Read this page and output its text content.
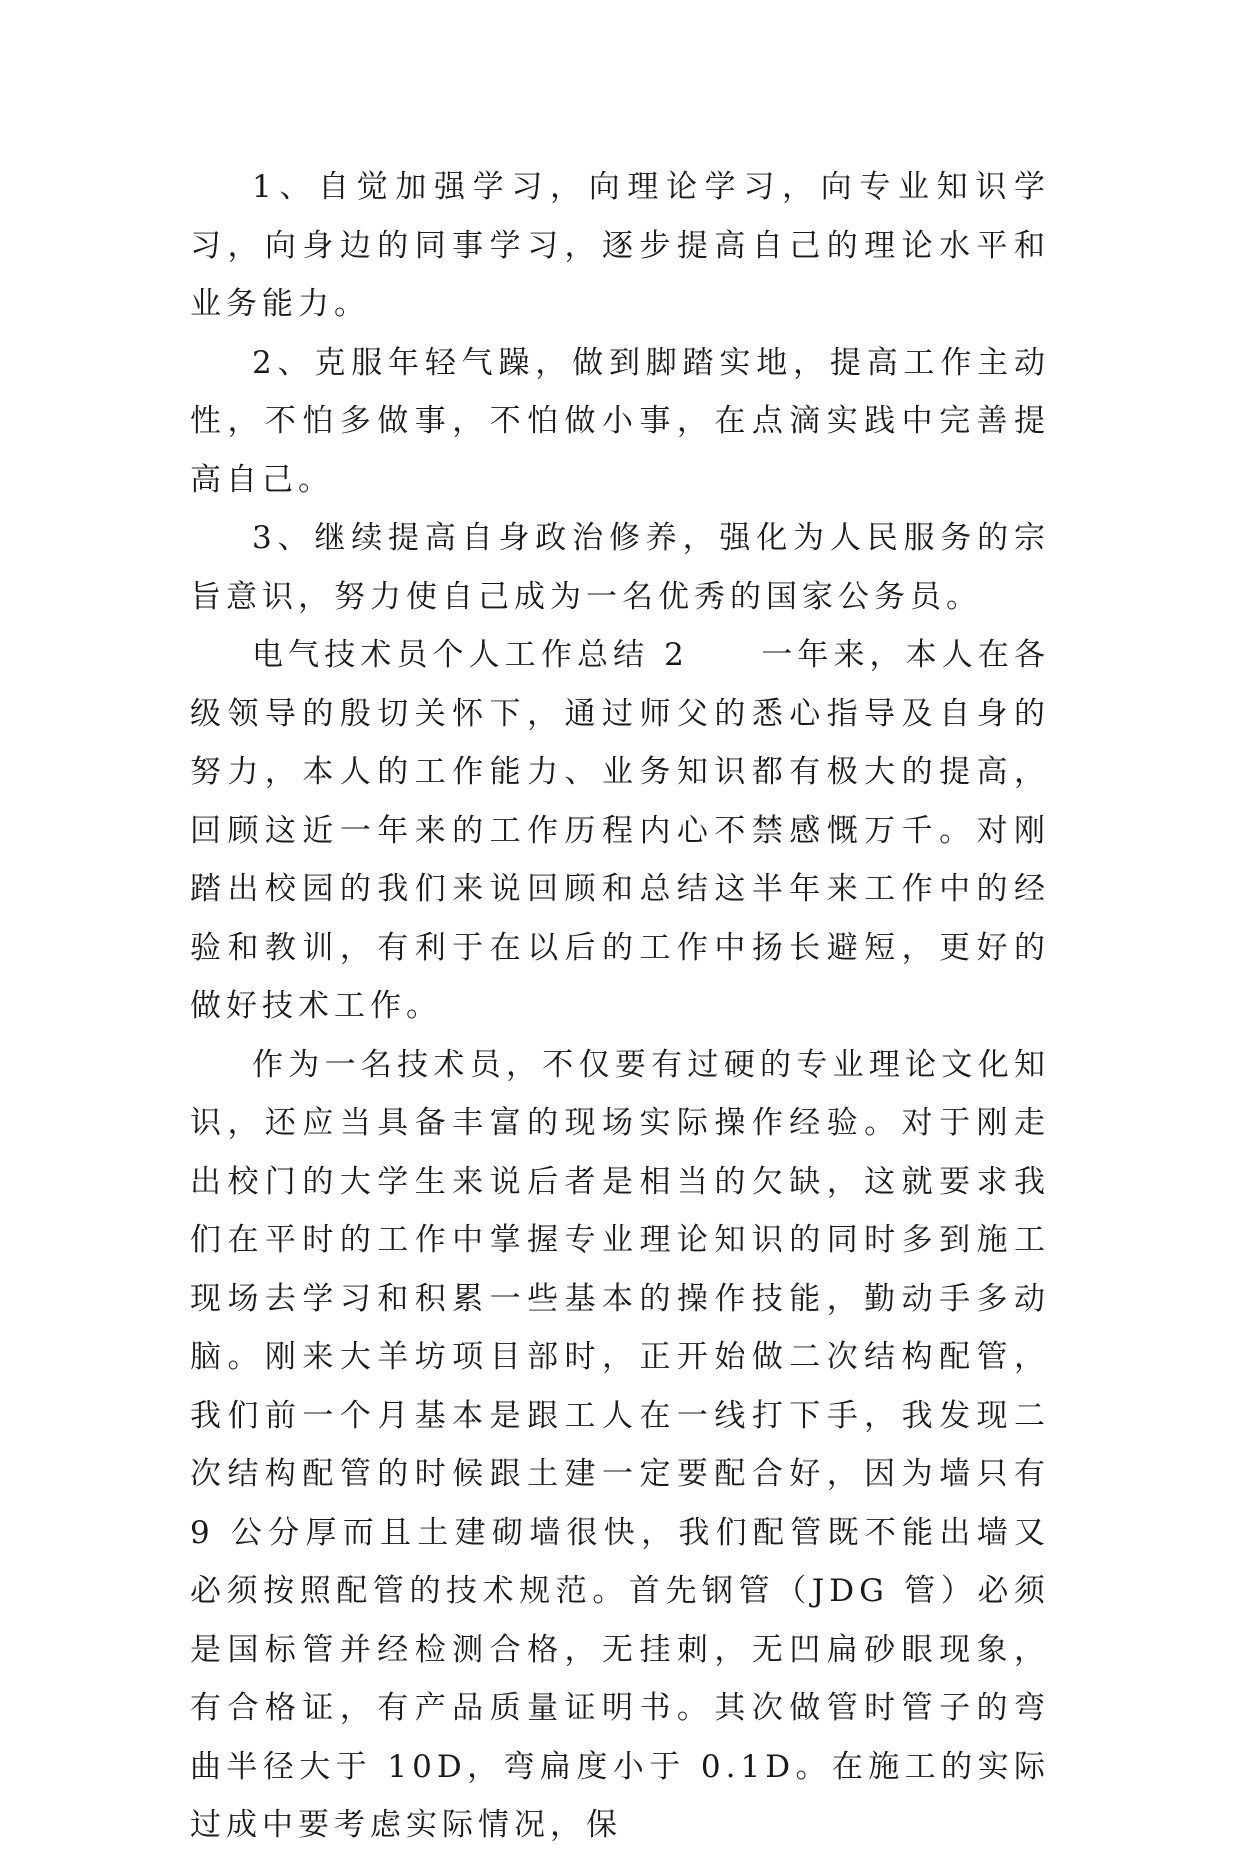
1、自觉加强学习，向理论学习，向专业知识学习，向身边的同事学习，逐步提高自己的理论水平和业务能力。

2、克服年轻气躁，做到脚踏实地，提高工作主动性，不怕多做事，不怕做小事，在点滴实践中完善提高自己。

3、继续提高自身政治修养，强化为人民服务的宗旨意识，努力使自己成为一名优秀的国家公务员。

电气技术员个人工作总结 2　　一年来，本人在各级领导的殷切关怀下，通过师父的悉心指导及自身的努力，本人的工作能力、业务知识都有极大的提高，回顾这近一年来的工作历程内心不禁感慨万千。对刚踏出校园的我们来说回顾和总结这半年来工作中的经验和教训，有利于在以后的工作中扬长避短，更好的做好技术工作。

作为一名技术员，不仅要有过硬的专业理论文化知识，还应当具备丰富的现场实际操作经验。对于刚走出校门的大学生来说后者是相当的欠缺，这就要求我们在平时的工作中掌握专业理论知识的同时多到施工现场去学习和积累一些基本的操作技能，勤动手多动脑。刚来大羊坊项目部时，正开始做二次结构配管，我们前一个月基本是跟工人在一线打下手，我发现二次结构配管的时候跟土建一定要配合好，因为墙只有 9 公分厚而且土建砌墙很快，我们配管既不能出墙又必须按照配管的技术规范。首先钢管（JDG 管）必须是国标管并经检测合格，无挂刺，无凹扁砂眼现象，有合格证，有产品质量证明书。其次做管时管子的弯曲半径大于 10D，弯扁度小于 0.1D。在施工的实际过成中要考虑实际情况，保
